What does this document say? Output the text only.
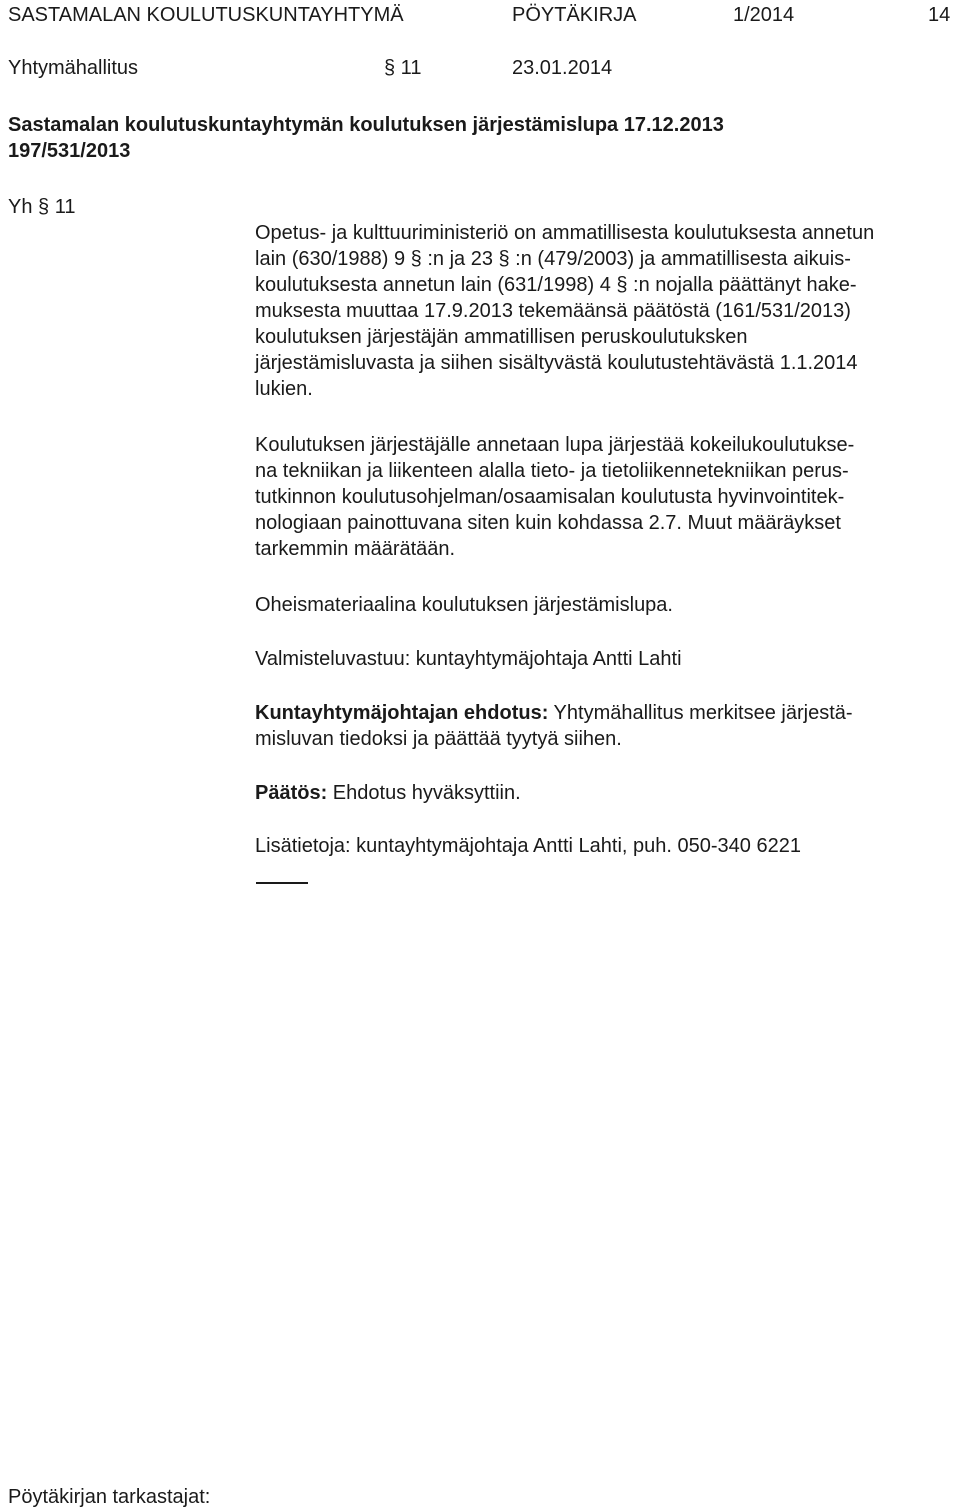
SASTAMALAN KOULUTUSKUNTAYHTYMÄ	PÖYTÄKIRJA	1/2014	14
Yhtymähallitus	§ 11	23.01.2014
Sastamalan koulutuskuntayhtymän koulutuksen järjestämislupa 17.12.2013
197/531/2013
Yh § 11
Opetus- ja kulttuuriministeriö on ammatillisesta koulutuksesta annetun
lain (630/1988) 9 § :n ja 23 § :n (479/2003) ja ammatillisesta aikuis-
koulutuksesta annetun lain (631/1998) 4 § :n nojalla päättänyt hake-
muksesta muuttaa 17.9.2013 tekemäänsä päätöstä (161/531/2013)
koulutuksen järjestäjän ammatillisen peruskoulutuksken
järjestämisluvasta ja siihen sisältyvästä koulutustehtävästä 1.1.2014
lukien.
Koulutuksen järjestäjälle annetaan lupa järjestää kokeilukoulutukse-
na tekniikan ja liikenteen alalla tieto- ja tietoliikennetekniikan perus-
tutkinnon koulutusohjelman/osaamisalan koulutusta hyvinvointitek-
nologiaan painottuvana siten kuin kohdassa 2.7. Muut määräykset
tarkemmin määrätään.
Oheismateriaalina koulutuksen järjestämislupa.
Valmisteluvastuu: kuntayhtymäjohtaja Antti Lahti
Kuntayhtymäjohtajan ehdotus: Yhtymähallitus merkitsee järjestä-
misluvan tiedoksi ja päättää tyytyä siihen.
Päätös: Ehdotus hyväksyttiin.
Lisätietoja: kuntayhtymäjohtaja Antti Lahti, puh. 050-340 6221
Pöytäkirjan tarkastajat:
